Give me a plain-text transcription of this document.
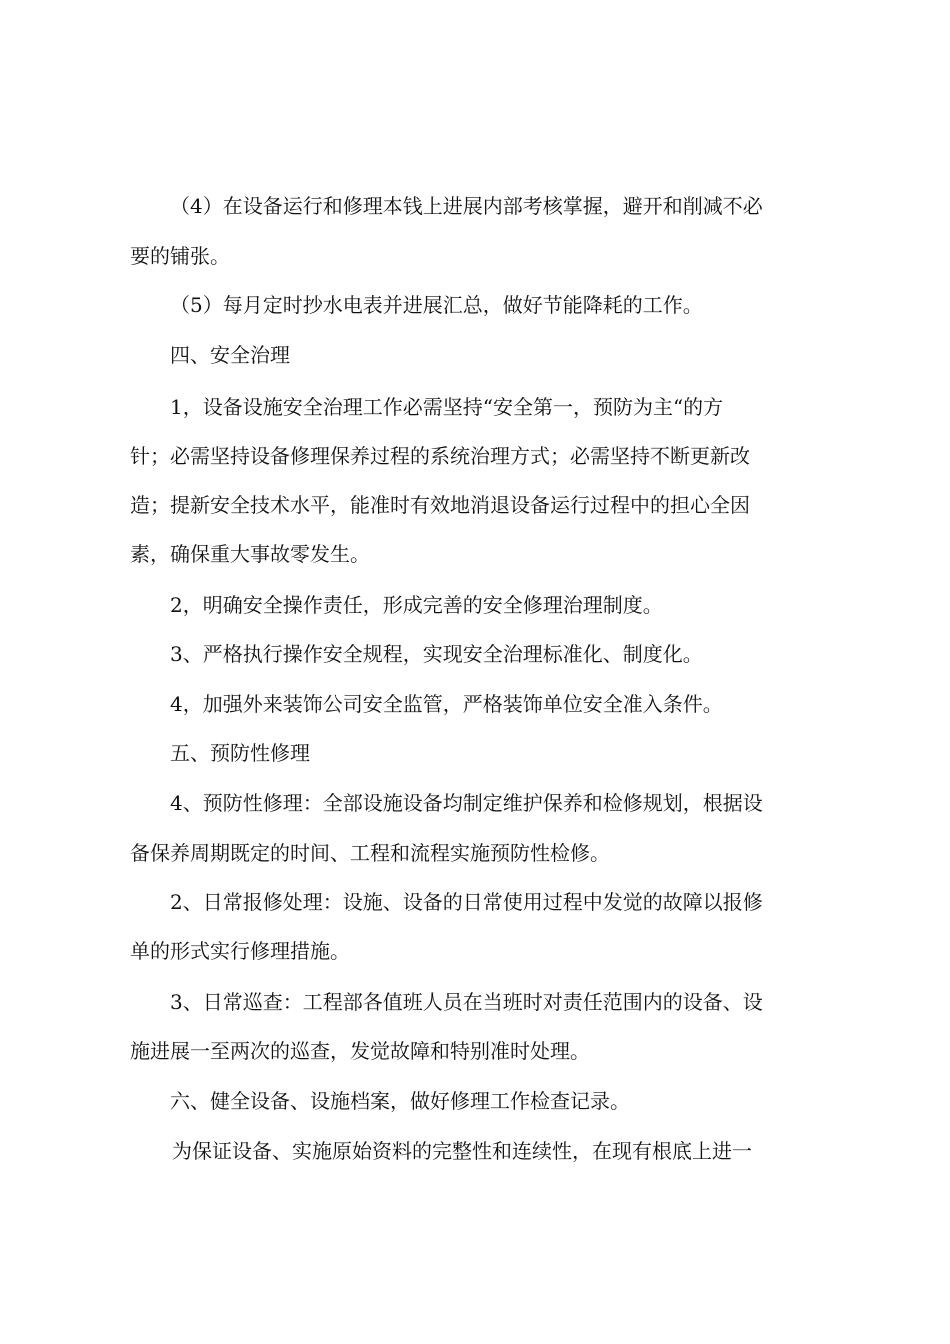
（4）在设备运行和修理本钱上进展内部考核掌握，避开和削减不必
要的铺张。
（5）每月定时抄水电表并进展汇总，做好节能降耗的工作。
四、安全治理
1，设备设施安全治理工作必需坚持“安全第一，预防为主“的方
针；必需坚持设备修理保养过程的系统治理方式；必需坚持不断更新改
造；提新安全技术水平，能准时有效地消退设备运行过程中的担心全因
素，确保重大事故零发生。
2，明确安全操作责任，形成完善的安全修理治理制度。
3、严格执行操作安全规程，实现安全治理标准化、制度化。
4，加强外来装饰公司安全监管，严格装饰单位安全准入条件。
五、预防性修理
4、预防性修理：全部设施设备均制定维护保养和检修规划，根据设
备保养周期既定的时间、工程和流程实施预防性检修。
2、日常报修处理：设施、设备的日常使用过程中发觉的故障以报修
单的形式实行修理措施。
3、日常巡查：工程部各值班人员在当班时对责任范围内的设备、设
施进展一至两次的巡查，发觉故障和特别准时处理。
六、健全设备、设施档案，做好修理工作检查记录。
为保证设备、实施原始资料的完整性和连续性，在现有根底上进一
